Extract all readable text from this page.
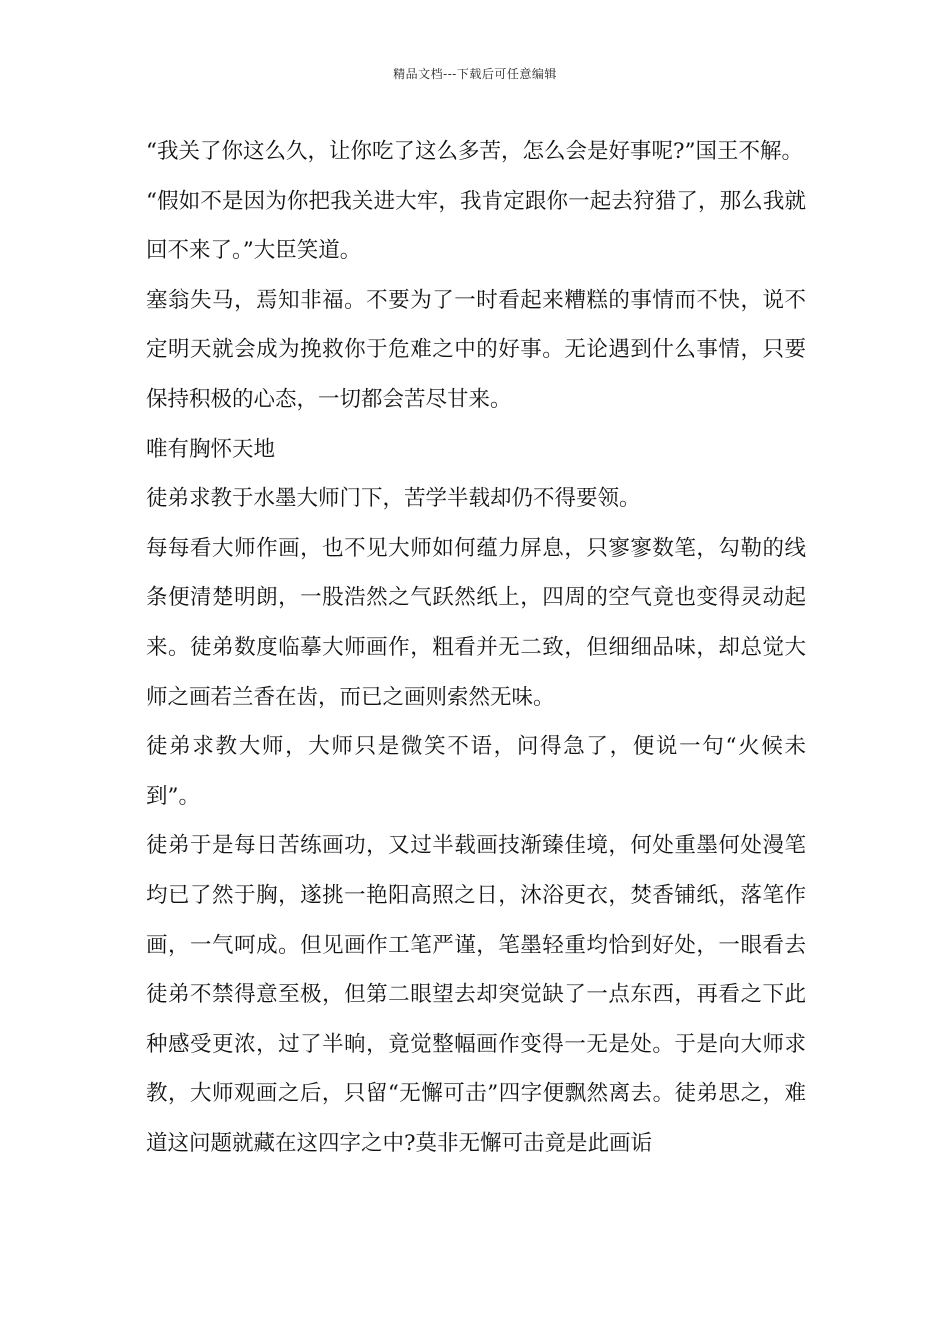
精品文档---下载后可任意编辑

“我关了你这么久，让你吃了这么多苦，怎么会是好事呢?”国王不解。

“假如不是因为你把我关进大牢，我肯定跟你一起去狩猎了，那么我就回不来了。”大臣笑道。

塞翁失马，焉知非福。不要为了一时看起来糟糕的事情而不快，说不定明天就会成为挽救你于危难之中的好事。无论遇到什么事情，只要保持积极的心态，一切都会苦尽甘来。

唯有胸怀天地

徒弟求教于水墨大师门下，苦学半载却仍不得要领。

每每看大师作画，也不见大师如何蕴力屏息，只寥寥数笔，勾勒的线条便清楚明朗，一股浩然之气跃然纸上，四周的空气竟也变得灵动起来。徒弟数度临摹大师画作，粗看并无二致，但细细品味，却总觉大师之画若兰香在齿，而已之画则索然无味。

徒弟求教大师，大师只是微笑不语，问得急了，便说一句“火候未到”。

徒弟于是每日苦练画功，又过半载画技渐臻佳境，何处重墨何处漫笔均已了然于胸，遂挑一艳阳高照之日，沐浴更衣，焚香铺纸，落笔作画，一气呵成。但见画作工笔严谨，笔墨轻重均恰到好处，一眼看去徒弟不禁得意至极，但第二眼望去却突觉缺了一点东西，再看之下此种感受更浓，过了半晌，竟觉整幅画作变得一无是处。于是向大师求教，大师观画之后，只留“无懈可击”四字便飘然离去。徒弟思之，难道这问题就藏在这四字之中?莫非无懈可击竟是此画诟
